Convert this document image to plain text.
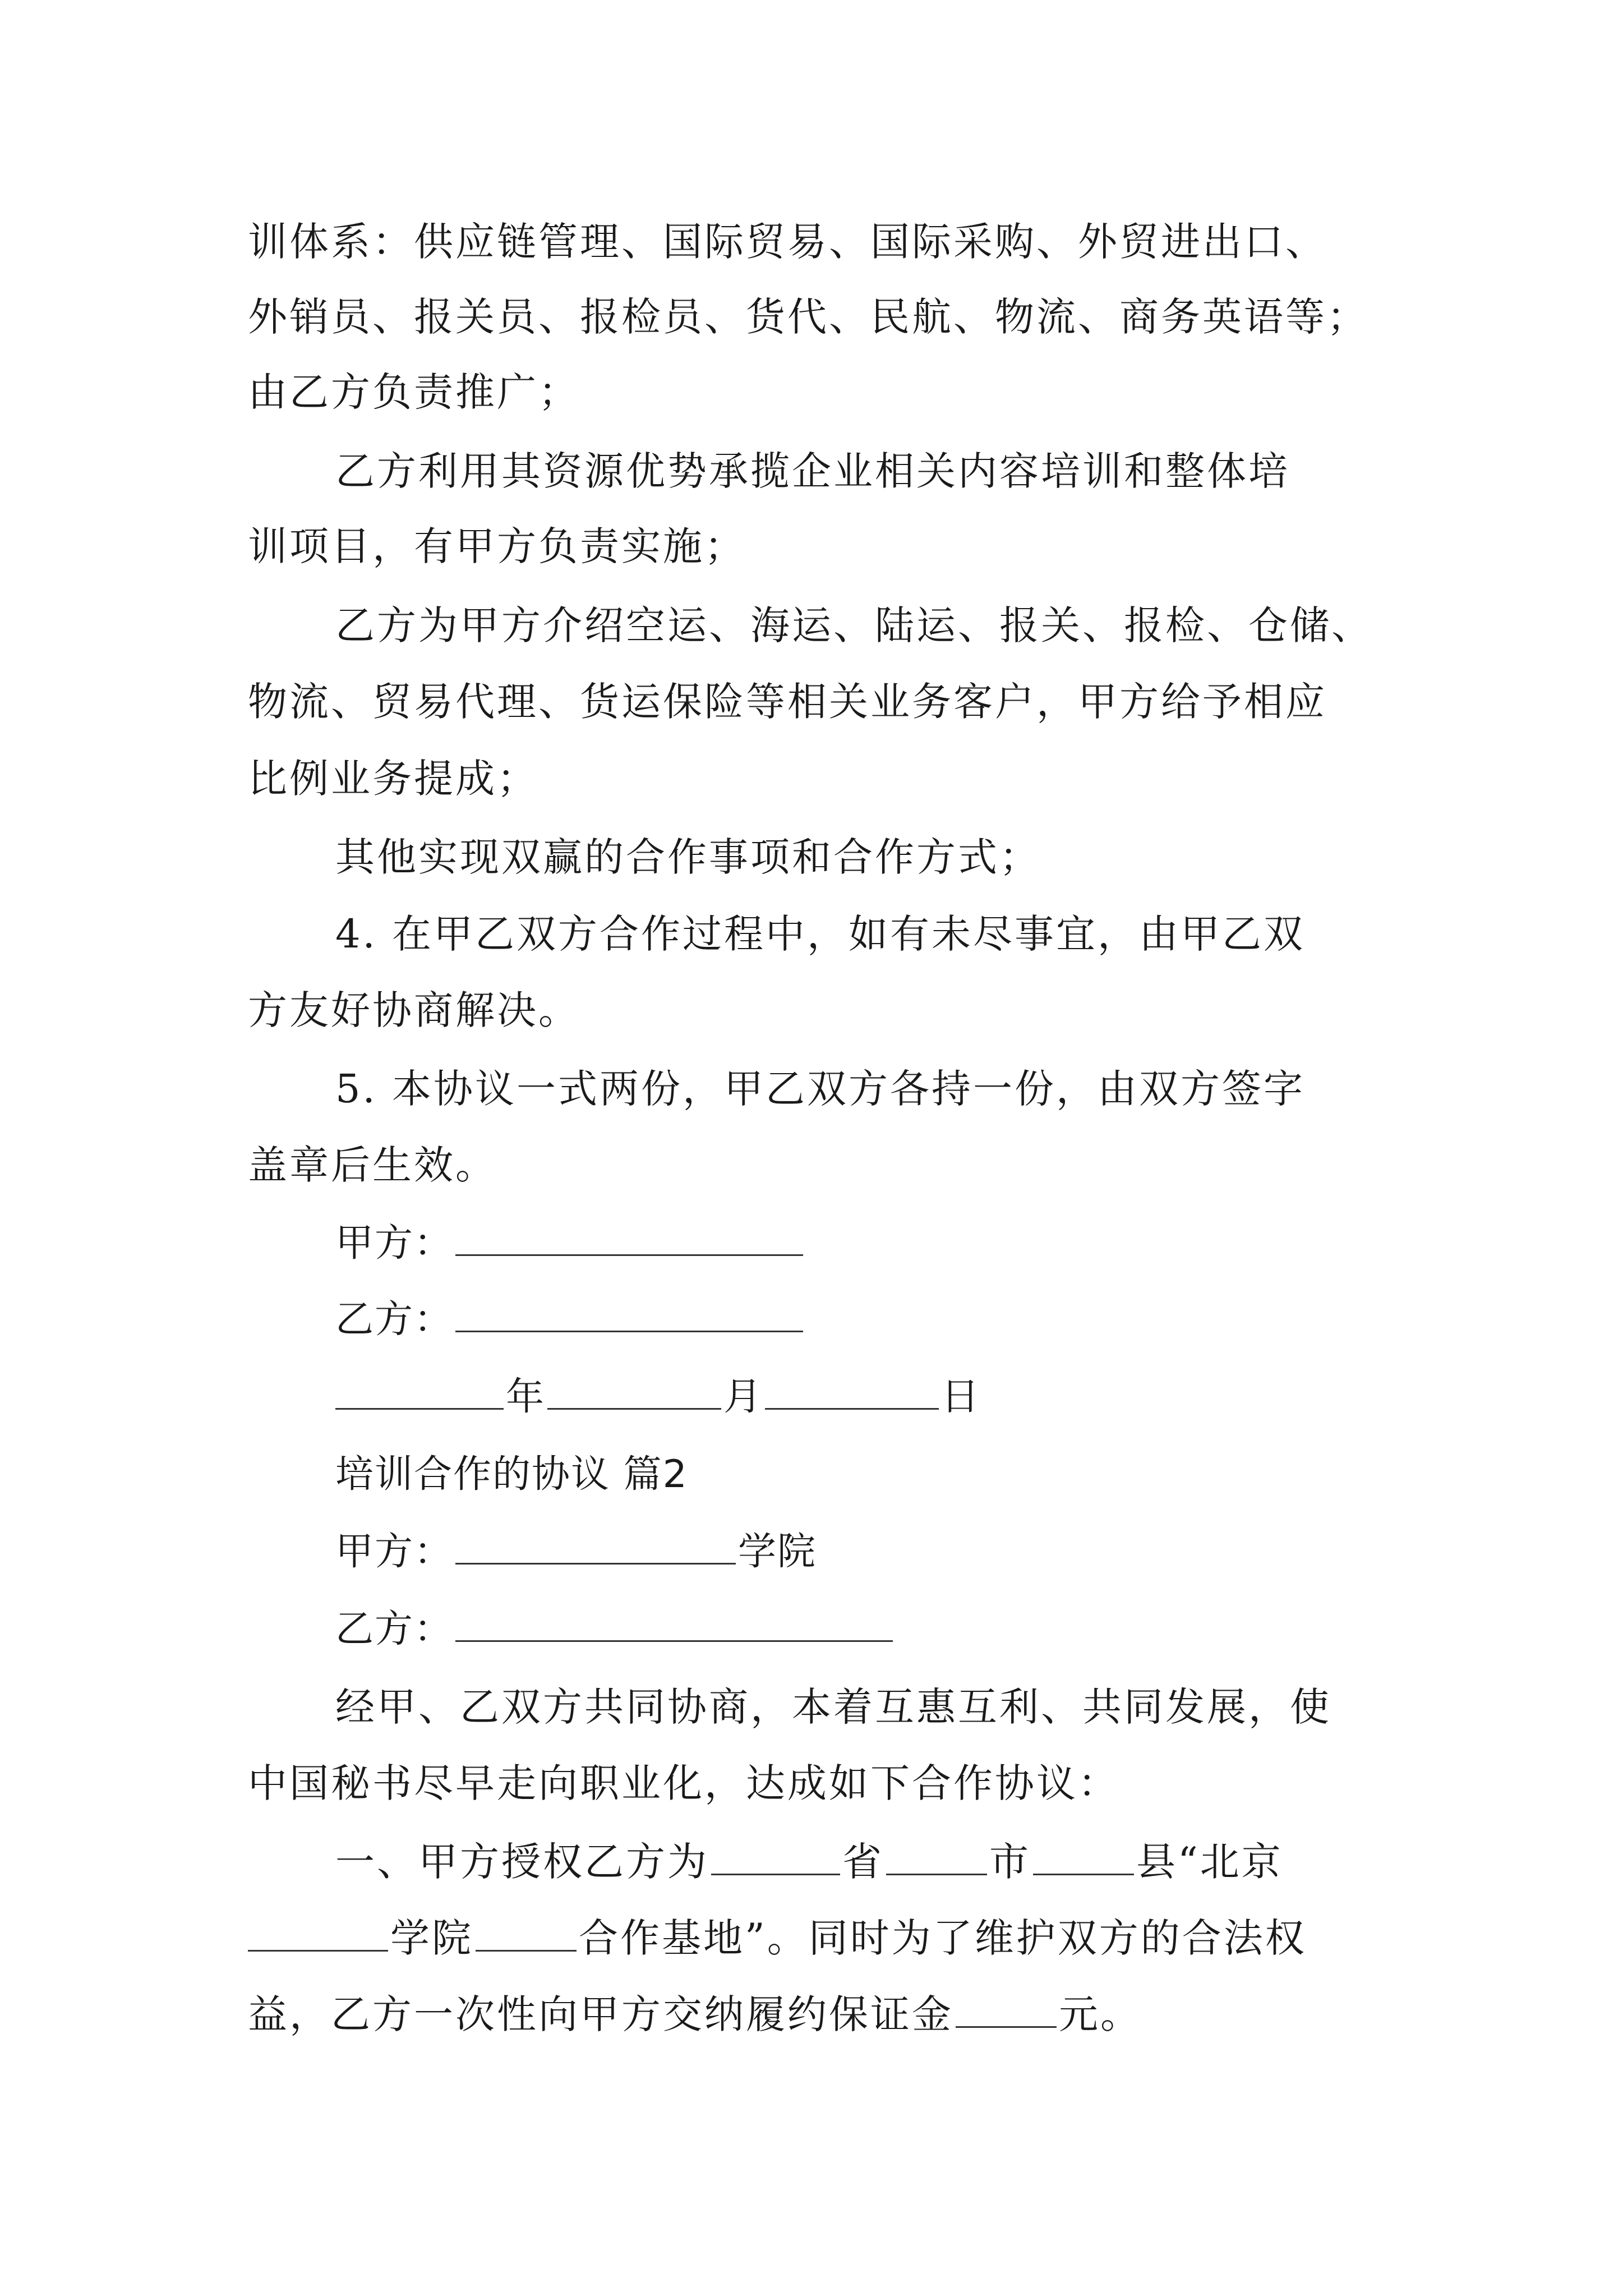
训体系：供应链管理、国际贸易、国际采购、外贸进出口、
外销员、报关员、报检员、货代、民航、物流、商务英语等；
由乙方负责推广；
乙方利用其资源优势承揽企业相关内容培训和整体培
训项目，有甲方负责实施；
乙方为甲方介绍空运、海运、陆运、报关、报检、仓储、
物流、贸易代理、货运保险等相关业务客户，甲方给予相应
比例业务提成；
其他实现双赢的合作事项和合作方式；
4. 在甲乙双方合作过程中，如有未尽事宜，由甲乙双
方友好协商解决。
5. 本协议一式两份，甲乙双方各持一份，由双方签字
盖章后生效。
甲方：
乙方：
年	月	日
培训合作的协议 篇2
甲方：	学院
乙方：
经甲、乙双方共同协商，本着互惠互利、共同发展，使
中国秘书尽早走向职业化，达成如下合作协议：
一、甲方授权乙方为	省	市	县“北京
学院	合作基地”。同时为了维护双方的合法权
益，乙方一次性向甲方交纳履约保证金	元。
